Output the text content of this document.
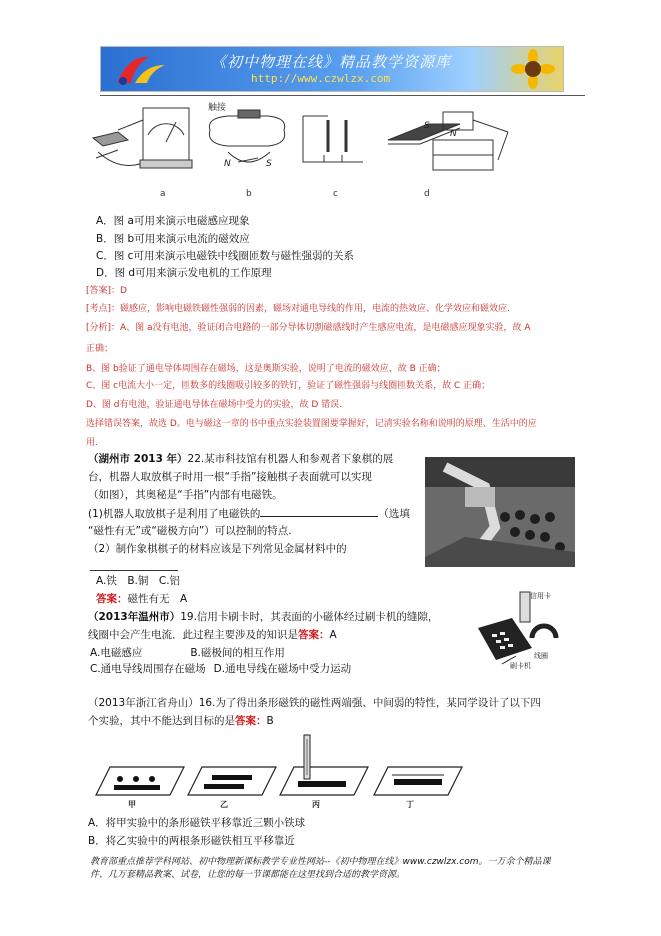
《初中物理在线》精品教学资源库
http://www.czwlzx.com
触接
N	S
N
S
a	b	c	d
A．图 a可用来演示电磁感应现象
B．图 b可用来演示电流的磁效应
C．图 c可用来演示电磁铁中线圈匝数与磁性强弱的关系
D．图 d可用来演示发电机的工作原理
[答案]：D
[考点]：磁感应，影响电磁铁磁性强弱的因素，磁场对通电导线的作用，电流的热效应、化学效应和磁效应.
[分析]：A、图 a没有电池，验证闭合电路的一部分导体切割磁感线时产生感应电流，是电磁感应现象实验，故 A
正确；
B、图 b验证了通电导体周围存在磁场，这是奥斯实验，说明了电流的磁效应，故 B 正确；
C、图 c电流大小一定，匝数多的线圈吸引较多的铁钉，验证了磁性强弱与线圈匝数关系，故 C 正确；
D、图 d有电池，验证通电导体在磁场中受力的实验，故 D 错误.
选择错误答案，故选 D。电与磁这一章的书中重点实验装置图要掌握好，记清实验名称和说明的原理、生活中的应
用.
（湖州市 2013 年）22.某市科技馆有机器人和参观者下象棋的展
台，机器人取放棋子时用一根“手指”接触棋子表面就可以实现
（如图），其奥秘是“手指”内部有电磁铁。
(1)机器人取放棋子是利用了电磁铁的	（选填
“磁性有无”或“磁极方向”）可以控制的特点.
（2）制作象棋棋子的材料应该是下列常见金属材料中的
A.铁　B.铜　C.铝
答案：磁性有无　A
（2013年温州市）19.信用卡刷卡时，其表面的小磁体经过刷卡机的缝隙，
线圈中会产生电流．此过程主要涉及的知识是答案：A
A.电磁感应	B.磁极间的相互作用
C.通电导线周围存在磁场 D.通电导线在磁场中受力运动
信用卡
线圈
刷卡机
（2013年浙江省舟山）16.为了得出条形磁铁的磁性两端强、中间弱的特性，某同学设计了以下四
个实验，其中不能达到目标的是答案：B
甲	乙	丙	丁
A．将甲实验中的条形磁铁平移靠近三颗小铁球
B．将乙实验中的两根条形磁铁相互平移靠近
教育部重点推荐学科网站、初中物理新课标教学专业性网站--《初中物理在线》www.czwlzx.com。一万余个精品课
件、几万套精品教案、试卷，让您的每一节课都能在这里找到合适的教学资源。
